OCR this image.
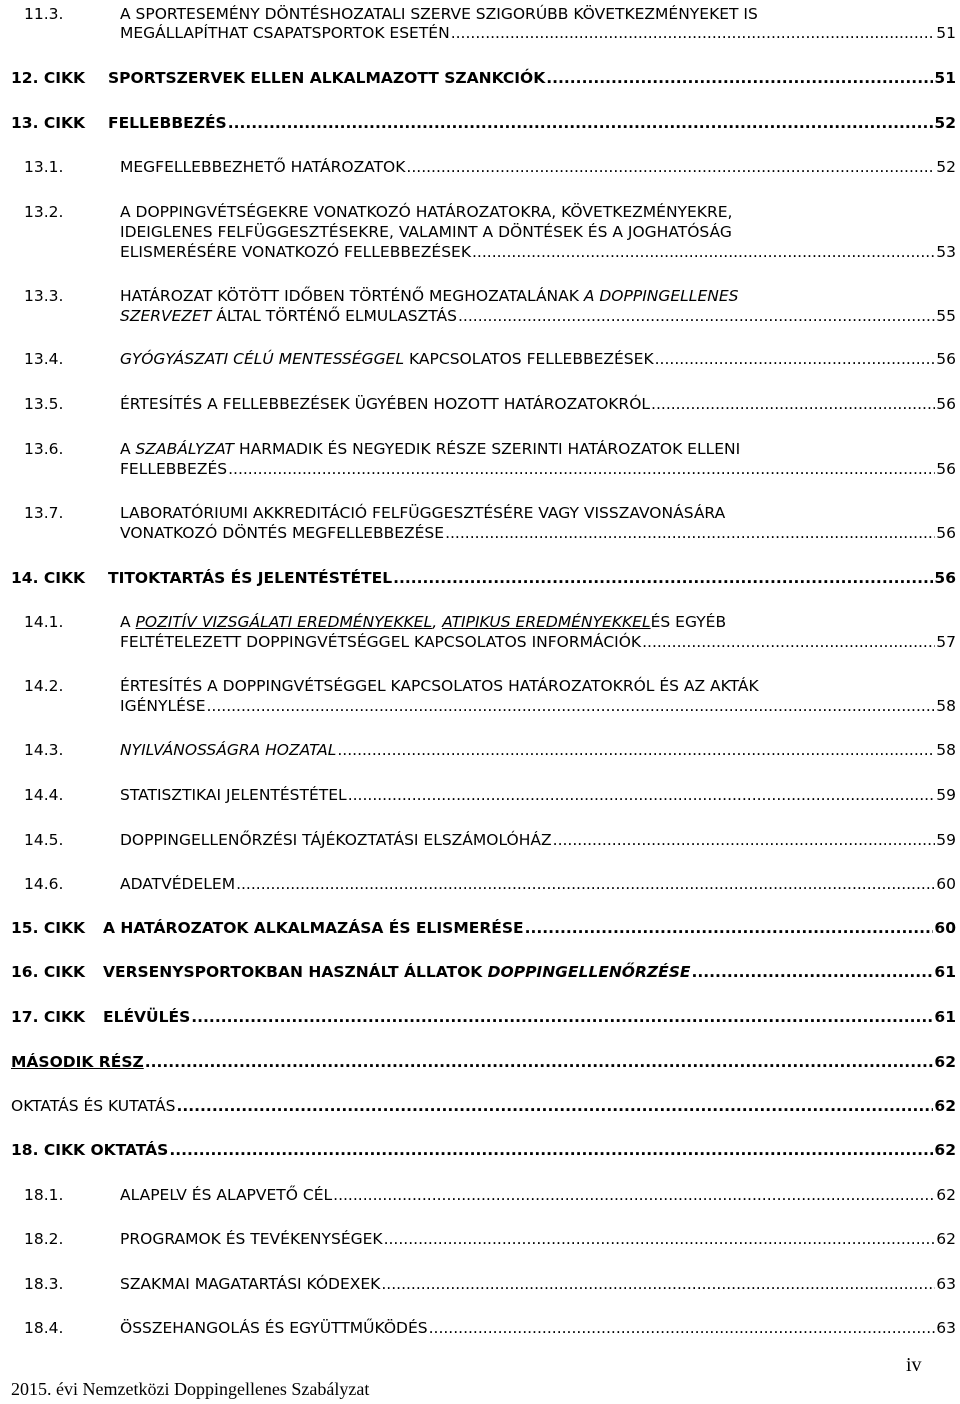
11.3.	A SPORTESEMÉNY DÖNTÉSHOZATALI SZERVE SZIGORÚBB KÖVETKEZMÉNYEKET IS
MEGÁLLAPÍTHAT CSAPATSPORTOK ESETÉN .....	51
12. CIKK SPORTSZERVEK ELLEN ALKALMAZOTT SZANKCIÓK .....	51
13. CIKK FELLEBBEZÉS .....	52
13.1.	MEGFELLEBBEZHETŐ HATÁROZATOK .....	52
13.2.	A DOPPINGVÉTSÉGEKRE VONATKOZÓ HATÁROZATOKRA, KÖVETKEZMÉNYEKRE,
IDEIGLENES FELFÜGGESZTÉSEKRE, VALAMINT A DÖNTÉSEK ÉS A JOGHATÓSÁG
ELISMERÉSÉRE VONATKOZÓ FELLEBBEZÉSEK .....	53
13.3.	HATÁROZAT KÖTÖTT IDŐBEN TÖRTÉNŐ MEGHOZATALÁNAK A DOPPINGELLENES
SZERVEZET ÁLTAL TÖRTÉNŐ ELMULASZTÁS .....	55
13.4.	GYÓGYÁSZATI CÉLÚ MENTESSÉGGEL KAPCSOLATOS FELLEBBEZÉSEK .....	56
13.5.	ÉRTESÍTÉS A FELLEBBEZÉSEK ÜGYÉBEN HOZOTT HATÁROZATOKRÓL .....	56
13.6.	A SZABÁLYZAT HARMADIK ÉS NEGYEDIK RÉSZE SZERINTI HATÁROZATOK ELLENI
FELLEBBEZÉS .....	56
13.7.	LABORATÓRIUMI AKKREDITÁCIÓ FELFÜGGESZTÉSÉRE VAGY VISSZAVONÁSÁRA
VONATKOZÓ DÖNTÉS MEGFELLEBBEZÉSE .....	56
14. CIKK TITOKTARTÁS ÉS JELENTÉSTÉTEL .....	56
14.1.	A POZITÍV VIZSGÁLATI EREDMÉNYEKKEL, ATIPIKUS EREDMÉNYEKKELÉS EGYÉB
FELTÉTELEZETT DOPPINGVÉTSÉGGEL KAPCSOLATOS INFORMÁCIÓK .....	57
14.2.	ÉRTESÍTÉS A DOPPINGVÉTSÉGGEL KAPCSOLATOS HATÁROZATOKRÓL ÉS AZ AKTÁK
IGÉNYLÉSE .....	58
14.3.	NYILVÁNOSSÁGRA HOZATAL .....	58
14.4.	STATISZTIKAI JELENTÉSTÉTEL .....	59
14.5.	DOPPINGELLENŐRZÉSI TÁJÉKOZTATÁSI ELSZÁMOLÓHÁZ .....	59
14.6.	ADATVÉDELEM .....	60
15. CIKK A HATÁROZATOK ALKALMAZÁSA ÉS ELISMERÉSE .....	60
16. CIKK VERSENYSPORTOKBAN HASZNÁLT ÁLLATOK DOPPINGELLENŐRZÉSE .....	61
17. CIKK ELÉVÜLÉS .....	61
MÁSODIK RÉSZ .....	62
OKTATÁS ÉS KUTATÁS .....	62
18. CIKK OKTATÁS .....	62
18.1.	ALAPELV ÉS ALAPVETŐ CÉL .....	62
18.2.	PROGRAMOK ÉS TEVÉKENYSÉGEK .....	62
18.3.	SZAKMAI MAGATARTÁSI KÓDEXEK .....	63
18.4.	ÖSSZEHANGOLÁS ÉS EGYÜTTMŰKÖDÉS .....	63
iv
2015. évi Nemzetközi Doppingellenes Szabályzat
